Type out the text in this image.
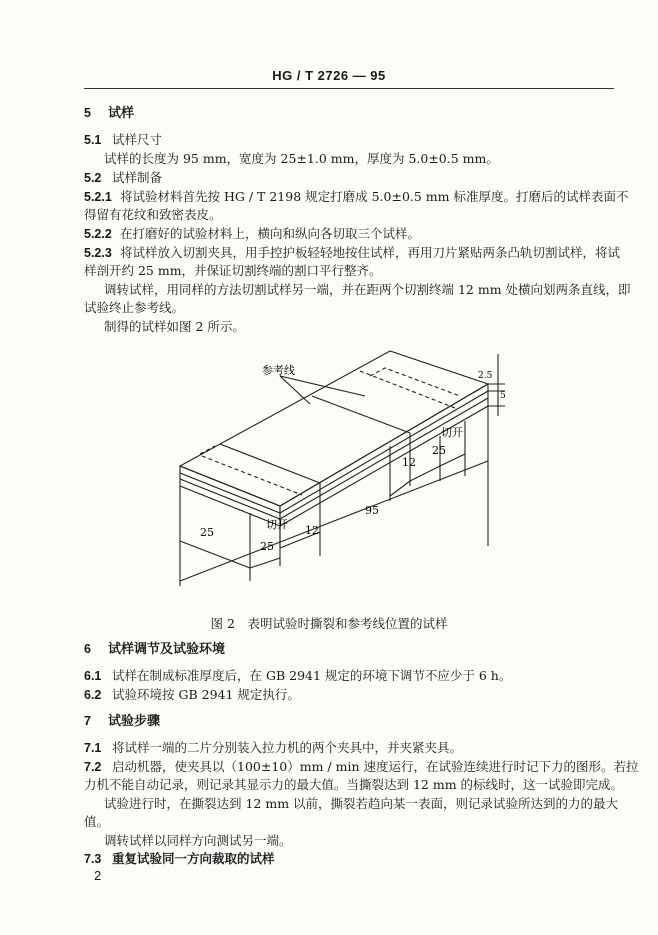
HG / T 2726 — 95
5 试样
5.1 试样尺寸
试样的长度为 95 mm，宽度为 25±1.0 mm，厚度为 5.0±0.5 mm。
5.2 试样制备
5.2.1 将试验材料首先按 HG / T 2198 规定打磨成 5.0±0.5 mm 标准厚度。打磨后的试样表面不
得留有花纹和致密表皮。
5.2.2 在打磨好的试验材料上，横向和纵向各切取三个试样。
5.2.3 将试样放入切割夹具，用手控护板轻轻地按住试样，再用刀片紧贴两条凸轨切割试样，将试
样剖开约 25 mm，并保证切割终端的割口平行整齐。
调转试样，用同样的方法切割试样另一端，并在距两个切割终端 12 mm 处横向划两条直线，即
试验终止参考线。
制得的试样如图 2 所示。
参考线
切开
切开
25
12
25
25
12
95
2.5
5
图 2　表明试验时撕裂和参考线位置的试样
6 试样调节及试验环境
6.1 试样在制成标准厚度后，在 GB 2941 规定的环境下调节不应少于 6 h。
6.2 试验环境按 GB 2941 规定执行。
7 试验步骤
7.1 将试样一端的二片分别装入拉力机的两个夹具中，并夹紧夹具。
7.2 启动机器，使夹具以（100±10）mm / min 速度运行，在试验连续进行时记下力的图形。若拉
力机不能自动记录，则记录其显示力的最大值。当撕裂达到 12 mm 的标线时，这一试验即完成。
试验进行时，在撕裂达到 12 mm 以前，撕裂若趋向某一表面，则记录试验所达到的力的最大
值。
调转试样以同样方向测试另一端。
7.3 重复试验同一方向裁取的试样
2
